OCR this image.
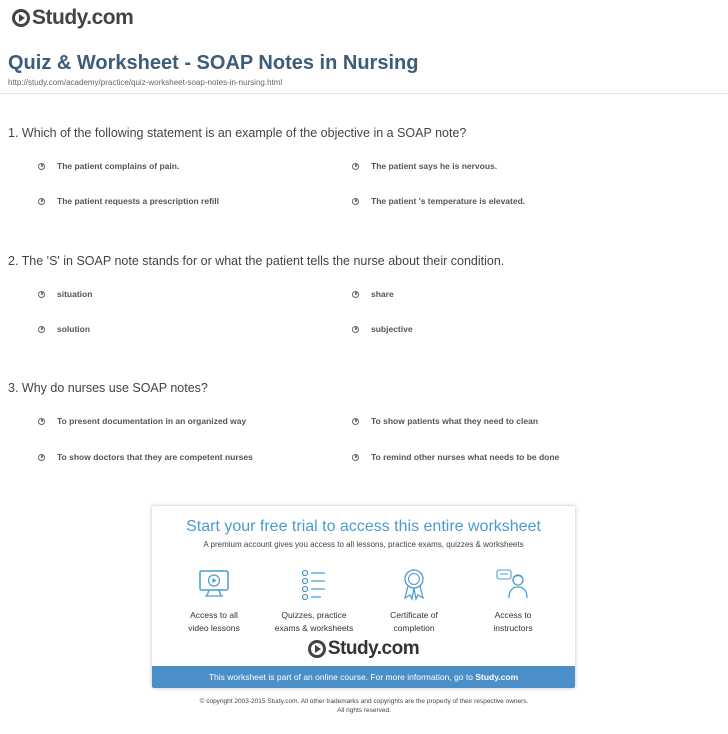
Study.com
Quiz & Worksheet - SOAP Notes in Nursing
http://study.com/academy/practice/quiz-worksheet-soap-notes-in-nursing.html
1. Which of the following statement is an example of the objective in a SOAP note?
The patient complains of pain.	The patient says he is nervous.
The patient requests a prescription refill	The patient 's temperature is elevated.
2. The 'S' in SOAP note stands for or what the patient tells the nurse about their condition.
situation	share
solution	subjective
3. Why do nurses use SOAP notes?
To present documentation in an organized way	To show patients what they need to clean
To show doctors that they are competent nurses	To remind other nurses what needs to be done
Start your free trial to access this entire worksheet
A premium account gives you access to all lessons, practice exams, quizzes & worksheets
Access to all
video lessons
Quizzes, practice
exams & worksheets
Certificate of
completion
Access to
instructors
Study.com
This worksheet is part of an online course. For more information, go to Study.com
© copyright 2003-2015 Study.com. All other trademarks and copyrights are the property of their respective owners.
All rights reserved.
